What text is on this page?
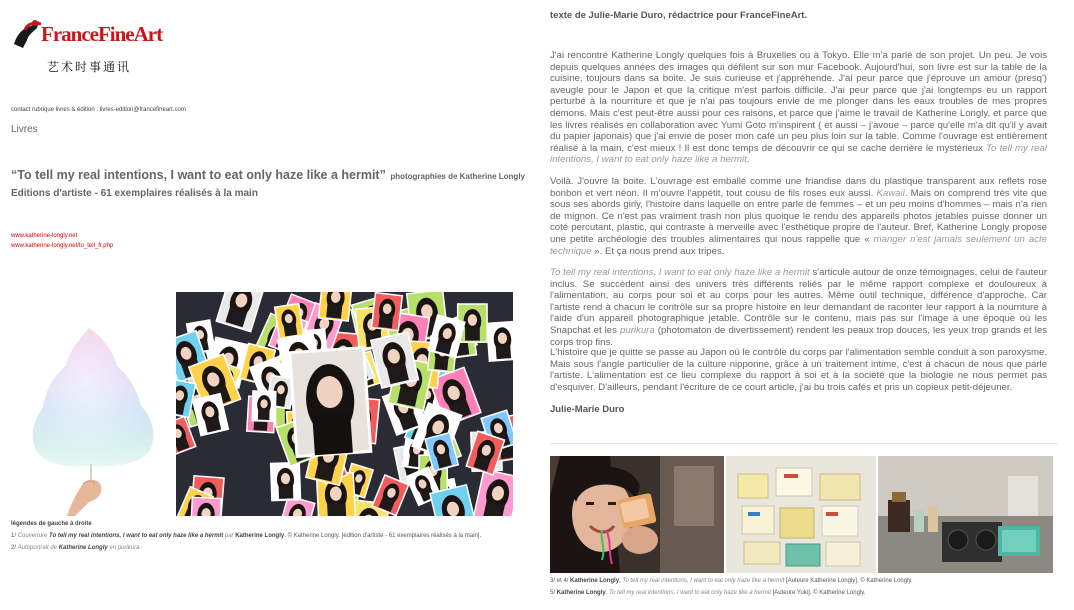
FranceFineArt
艺术时事通讯
contact rubrique livres & édition : livres-edition@francefineart.com
Livres
“To tell my real intentions, I want to eat only haze like a hermit” photographies de Katherine Longly
Editions d'artiste - 61 exemplaires réalisés à la main
www.katherine-longly.net
www.katherine-longly.net/to_tell_fr.php
légendes de gauche à droite
1/ Couverture To tell my real intentions, I want to eat only haze like a hermit par Katherine Longly. © Katherine Longly. [édition d'artiste - 61 exemplaires réalisés à la main].
2/ Autoportrait de Katherine Longly en purikura.
texte de Julie-Marie Duro, rédactrice pour FranceFineArt.

J'ai rencontré Katherine Longly quelques fois à Bruxelles ou à Tokyo. Elle m'a parlé de son projet. Un peu. Je vois depuis quelques années des images qui défilent sur son mur Facebook. Aujourd'hui, son livre est sur la table de la cuisine, toujours dans sa boite. Je suis curieuse et j'appréhende. J'ai peur parce que j'éprouve un amour (presq') aveugle pour le Japon et que la critique m'est parfois difficile. J'ai peur parce que j'ai longtemps eu un rapport perturbé à la nourriture et que je n'ai pas toujours envie de me plonger dans les eaux troubles de mes propres démons. Mais c'est peut-être aussi pour ces raisons, et parce que j'aime le travail de Katherine Longly, et parce que les livres réalisés en collaboration avec Yumi Goto m'inspirent ( et aussi – j'avoue – parce qu'elle m'a dit qu'il y avait du papier japonais) que j'ai envie de poser mon café un peu plus loin sur la table. Comme l'ouvrage est entièrement réalisé à la main, c'est mieux ! Il est donc temps de découvrir ce qui se cache derrière le mystérieux To tell my real intentions, I want to eat only haze like a hermit.

Voilà. J'ouvre la boite. L'ouvrage est emballé comme une friandise dans du plastique transparent aux reflets rose bonbon et vert néon. Il m'ouvre l'appétit, tout cousu de fils roses eux aussi. Kawaii. Mais on comprend très vite que sous ses abords girly, l'histoire dans laquelle on entre parle de femmes – et un peu moins d'hommes – mais n'a rien de mignon. Ce n'est pas vraiment trash non plus quoique le rendu des appareils photos jetables puisse donner un coté percutant, plastic, qui contraste à merveille avec l'esthétique propre de l'auteur. Bref, Katherine Longly propose une petite archéologie des troubles alimentaires qui nous rappelle que « manger n'est jamais seulement un acte technique ». Et ça nous prend aux tripes.

To tell my real intentions, I want to eat only haze like a hermit s'articule autour de onze témoignages, celui de l'auteur inclus. Se succèdent ainsi des univers très différents reliés par le même rapport complexe et douloureux à l'alimentation, au corps pour soi et au corps pour les autres. Même outil technique, différence d'approche. Car l'artiste rend à chacun le contrôle sur sa propre histoire en leur demandant de raconter leur rapport à la nourriture à l'aide d'un appareil photographique jetable. Contrôle sur le contenu, mais pas sur l'image à une époque où les Snapchat et les purikura (photomaton de divertissement) rendent les peaux trop douces, les yeux trop grands et les corps trop fins.

L'histoire que je quitte se passe au Japon où le contrôle du corps par l'alimentation semble conduit à son paroxysme. Mais sous l'angle particulier de la culture nipponne, grâce à un traitement intime, c'est à chacun de nous que parle l'artiste. L'alimentation est ce lieu complexe du rapport à soi et à la société que la biologie ne nous permet pas d'esquiver. D'ailleurs, pendant l'écriture de ce court article, j'ai bu trois cafés et pris un copieux petit-déjeuner.

Julie-Marie Duro
3/ et 4/ Katherine Longly, To tell my real intentions, I want to eat only haze like a hermit [Auteure Katherine Longly]. © Katherine Longly.
5/ Katherine Longly. To tell my real intentions, I want to eat only haze like a hermit [Auteure Yuki]. © Katherine Longly.
